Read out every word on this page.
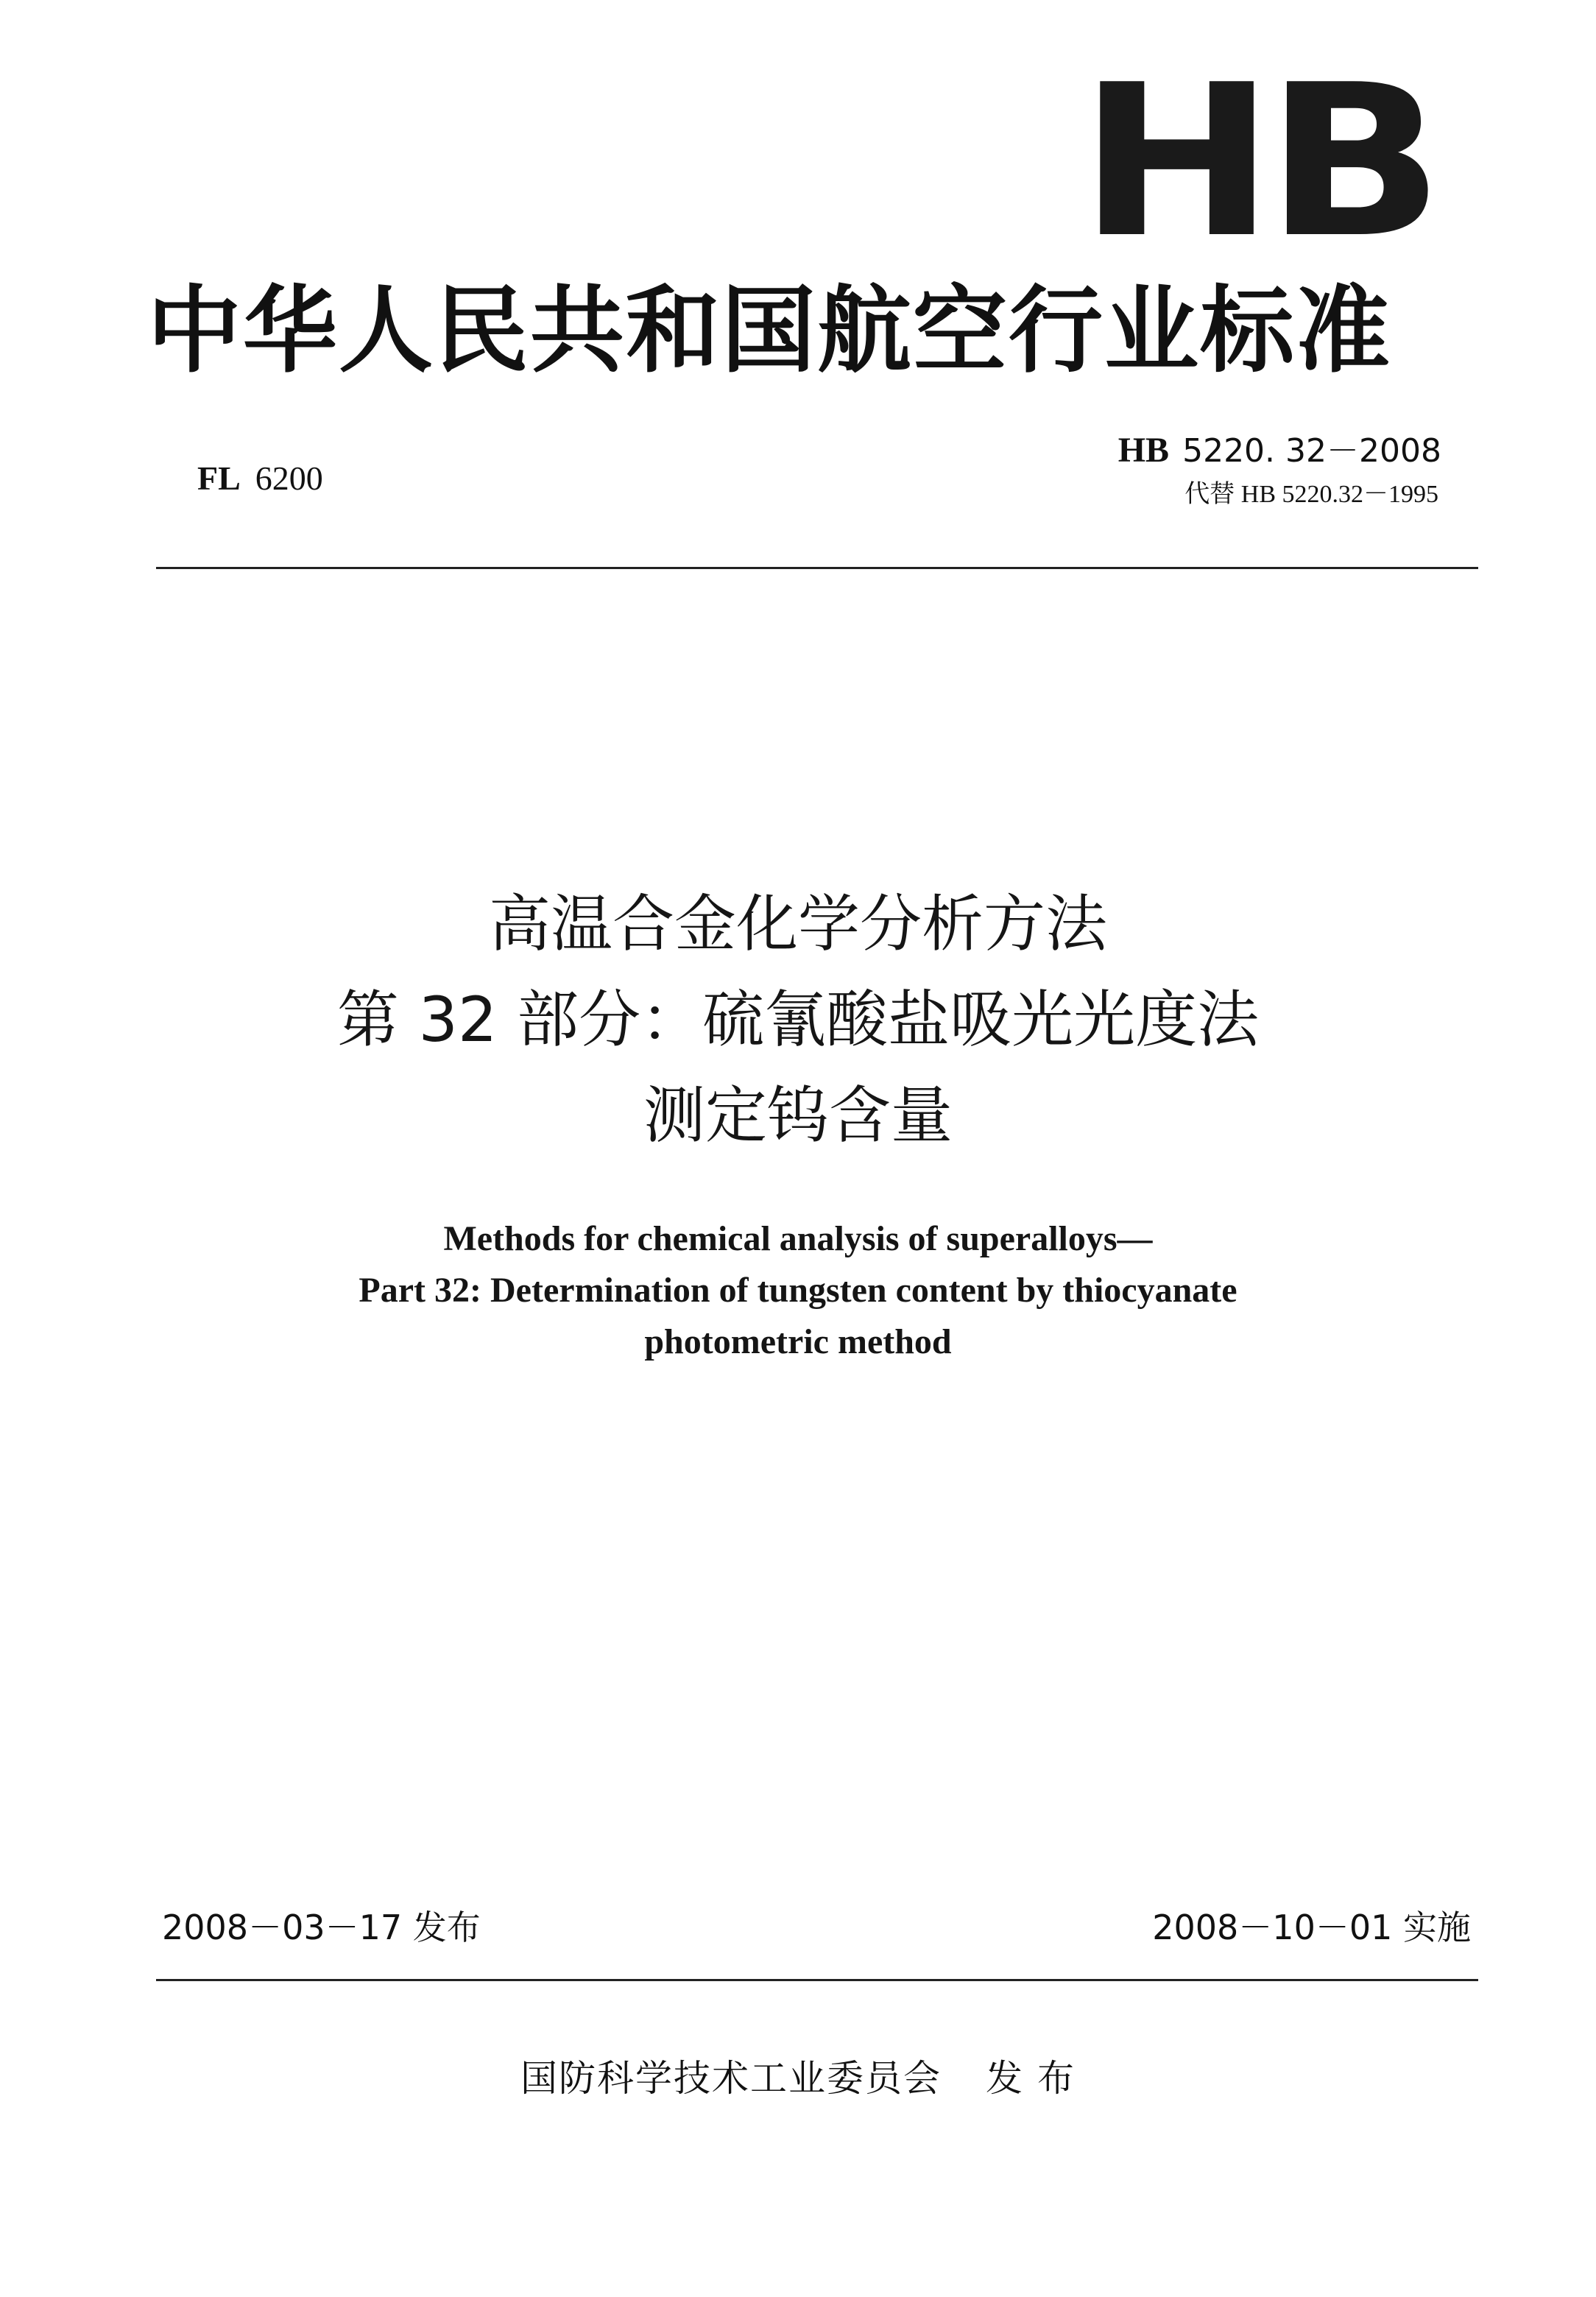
HB
中华人民共和国航空行业标准
FL 6200
HB 5220. 32－2008
代替 HB 5220.32－1995
高温合金化学分析方法
第 32 部分：硫氰酸盐吸光光度法
测定钨含量
Methods for chemical analysis of superalloys—
Part 32: Determination of tungsten content by thiocyanate
photometric method
2008－03－17 发布	2008－10－01 实施
国防科学技术工业委员会 发 布
